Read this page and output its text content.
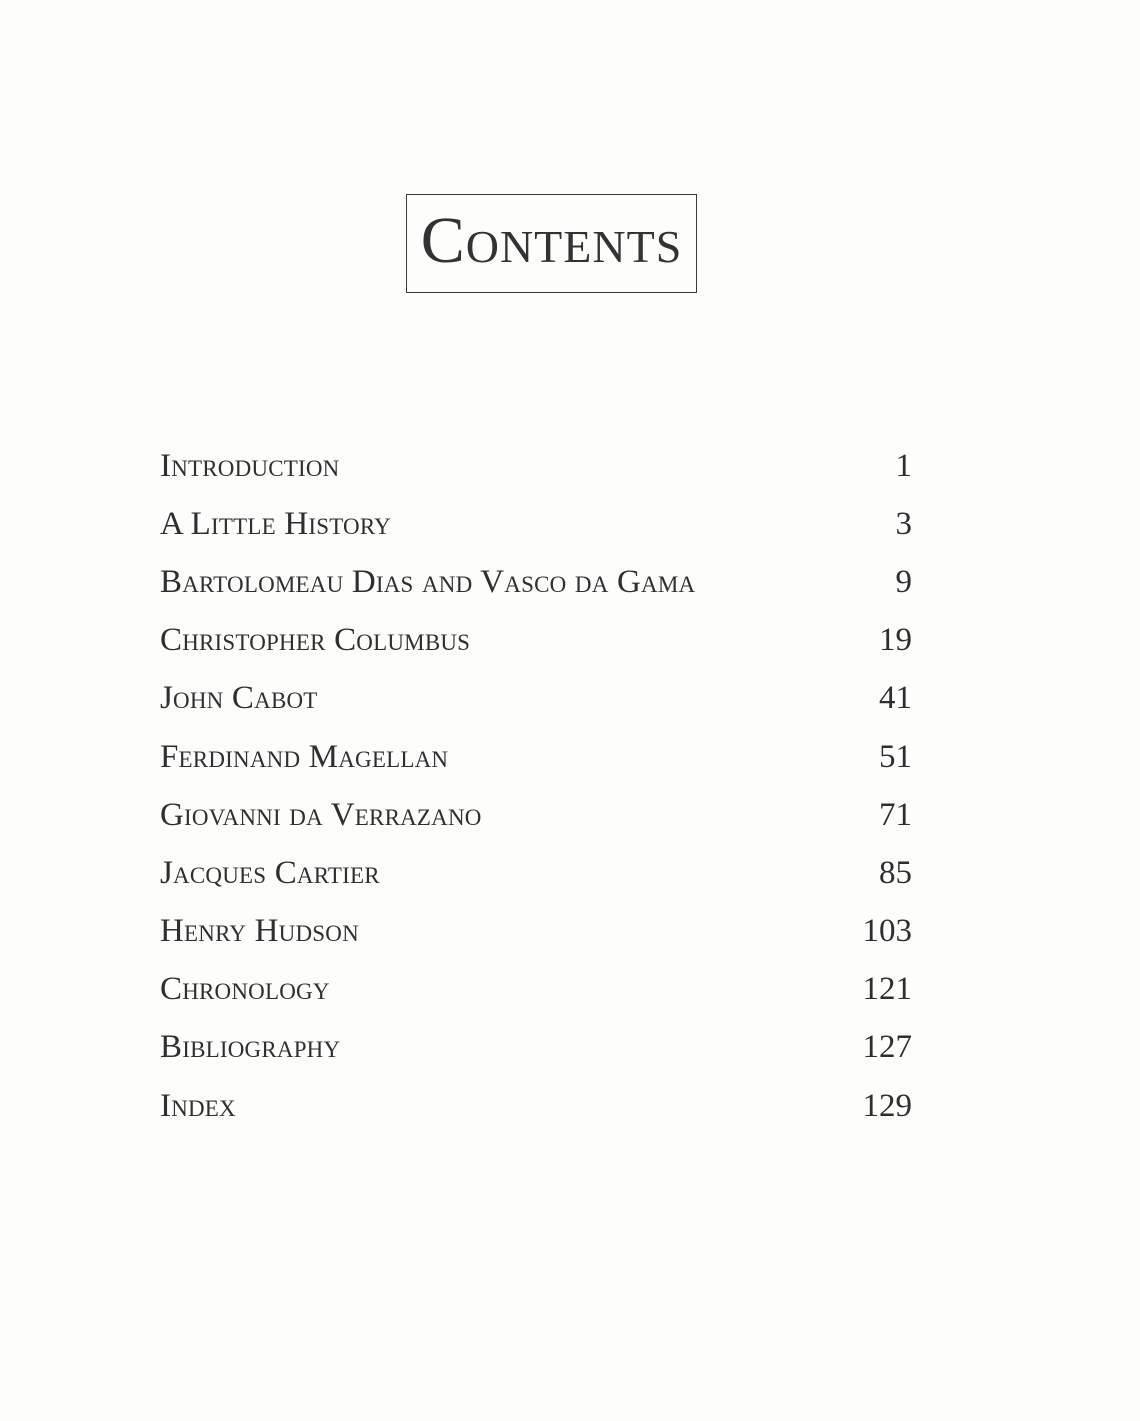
Contents
Introduction	1
A Little History	3
Bartolomeau Dias and Vasco da Gama	9
Christopher Columbus	19
John Cabot	41
Ferdinand Magellan	51
Giovanni da Verrazano	71
Jacques Cartier	85
Henry Hudson	103
Chronology	121
Bibliography	127
Index	129
